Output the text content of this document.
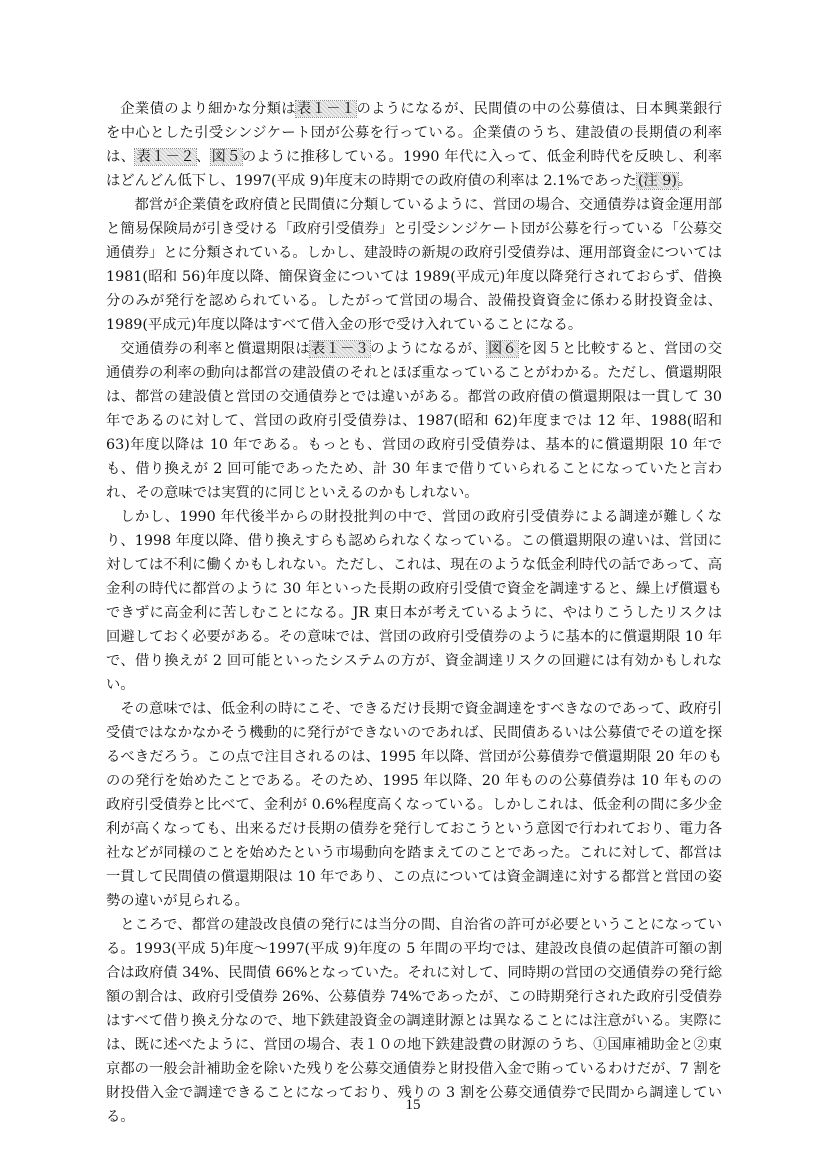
企業債のより細かな分類は表１－１のようになるが、民間債の中の公募債は、日本興業銀行を中心とした引受シンジケート団が公募を行っている。企業債のうち、建設債の長期債の利率は、表１－２、図５のように推移している。1990 年代に入って、低金利時代を反映し、利率はどんどん低下し、1997(平成 9)年度末の時期での政府債の利率は 2.1%であった(注 9)。

都営が企業債を政府債と民間債に分類しているように、営団の場合、交通債券は資金運用部と簡易保険局が引き受ける「政府引受債券」と引受シンジケート団が公募を行っている「公募交通債券」とに分類されている。しかし、建設時の新規の政府引受債券は、運用部資金については 1981(昭和 56)年度以降、簡保資金については 1989(平成元)年度以降発行されておらず、借換分のみが発行を認められている。したがって営団の場合、設備投資資金に係わる財投資金は、1989(平成元)年度以降はすべて借入金の形で受け入れていることになる。

交通債券の利率と償還期限は表１－３のようになるが、図６を図５と比較すると、営団の交通債券の利率の動向は都営の建設債のそれとほぼ重なっていることがわかる。ただし、償還期限は、都営の建設債と営団の交通債券とでは違いがある。都営の政府債の償還期限は一貫して 30 年であるのに対して、営団の政府引受債券は、1987(昭和 62)年度までは 12 年、1988(昭和 63)年度以降は 10 年である。もっとも、営団の政府引受債券は、基本的に償還期限 10 年でも、借り換えが 2 回可能であったため、計 30 年まで借りていられることになっていたと言われ、その意味では実質的に同じといえるのかもしれない。

しかし、1990 年代後半からの財投批判の中で、営団の政府引受債券による調達が難しくなり、1998 年度以降、借り換えすらも認められなくなっている。この償還期限の違いは、営団に対しては不利に働くかもしれない。ただし、これは、現在のような低金利時代の話であって、高金利の時代に都営のように 30 年といった長期の政府引受債で資金を調達すると、繰上げ償還もできずに高金利に苦しむことになる。JR 東日本が考えているように、やはりこうしたリスクは回避しておく必要がある。その意味では、営団の政府引受債券のように基本的に償還期限 10 年で、借り換えが 2 回可能といったシステムの方が、資金調達リスクの回避には有効かもしれない。

その意味では、低金利の時にこそ、できるだけ長期で資金調達をすべきなのであって、政府引受債ではなかなかそう機動的に発行ができないのであれば、民間債あるいは公募債でその道を探るべきだろう。この点で注目されるのは、1995 年以降、営団が公募債券で償還期限 20 年のものの発行を始めたことである。そのため、1995 年以降、20 年ものの公募債券は 10 年ものの政府引受債券と比べて、金利が 0.6%程度高くなっている。しかしこれは、低金利の間に多少金利が高くなっても、出来るだけ長期の債券を発行しておこうという意図で行われており、電力各社などが同様のことを始めたという市場動向を踏まえてのことであった。これに対して、都営は一貫して民間債の償還期限は 10 年であり、この点については資金調達に対する都営と営団の姿勢の違いが見られる。

ところで、都営の建設改良債の発行には当分の間、自治省の許可が必要ということになっている。1993(平成 5)年度～1997(平成 9)年度の 5 年間の平均では、建設改良債の起債許可額の割合は政府債 34%、民間債 66%となっていた。それに対して、同時期の営団の交通債券の発行総額の割合は、政府引受債券 26%、公募債券 74%であったが、この時期発行された政府引受債券はすべて借り換え分なので、地下鉄建設資金の調達財源とは異なることには注意がいる。実際には、既に述べたように、営団の場合、表１０の地下鉄建設費の財源のうち、①国庫補助金と②東京都の一般会計補助金を除いた残りを公募交通債券と財投借入金で賄っているわけだが、7 割を財投借入金で調達できることになっており、残りの 3 割を公募交通債券で民間から調達している。

15
